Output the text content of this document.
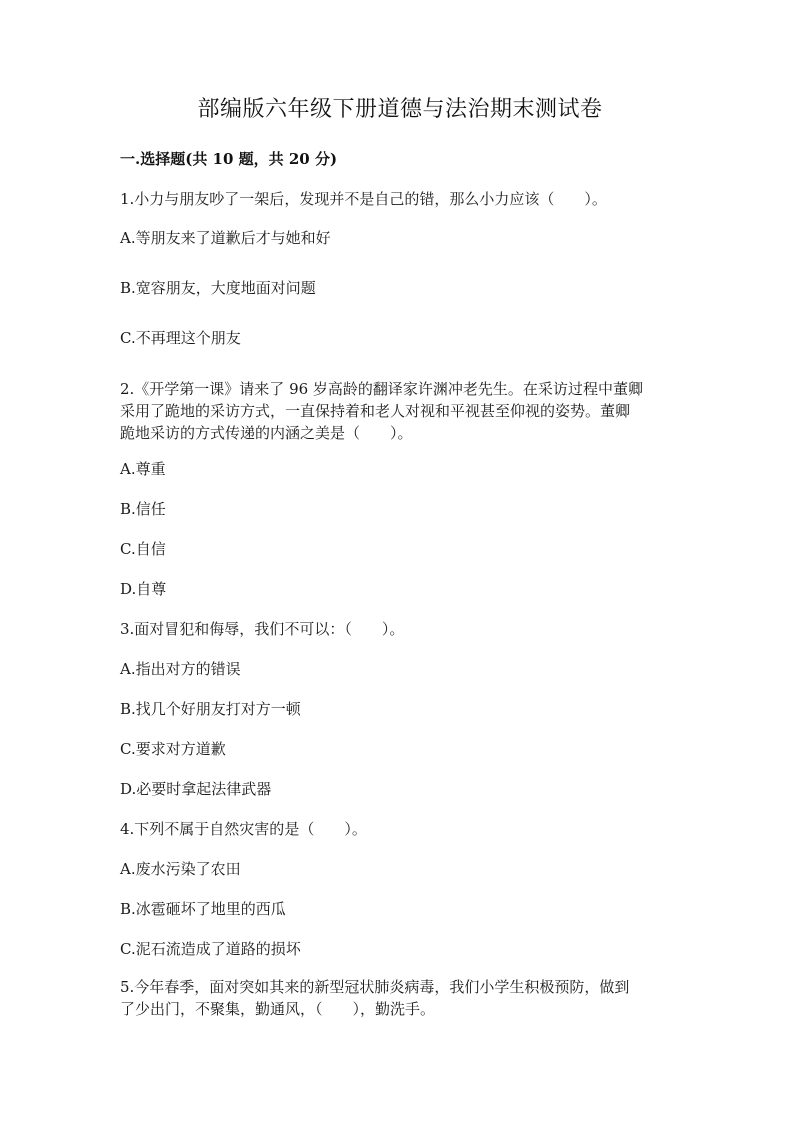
部编版六年级下册道德与法治期末测试卷
一.选择题(共 10 题，共 20 分)
1.小力与朋友吵了一架后，发现并不是自己的错，那么小力应该（　　）。
A.等朋友来了道歉后才与她和好
B.宽容朋友，大度地面对问题
C.不再理这个朋友
2.《开学第一课》请来了 96 岁高龄的翻译家许渊冲老先生。在采访过程中董卿
采用了跪地的采访方式，一直保持着和老人对视和平视甚至仰视的姿势。董卿
跪地采访的方式传递的内涵之美是（　　）。
A.尊重
B.信任
C.自信
D.自尊
3.面对冒犯和侮辱，我们不可以：（　　）。
A.指出对方的错误
B.找几个好朋友打对方一顿
C.要求对方道歉
D.必要时拿起法律武器
4.下列不属于自然灾害的是（　　）。
A.废水污染了农田
B.冰雹砸坏了地里的西瓜
C.泥石流造成了道路的损坏
5.今年春季，面对突如其来的新型冠状肺炎病毒，我们小学生积极预防，做到
了少出门，不聚集，勤通风，（　　），勤洗手。
